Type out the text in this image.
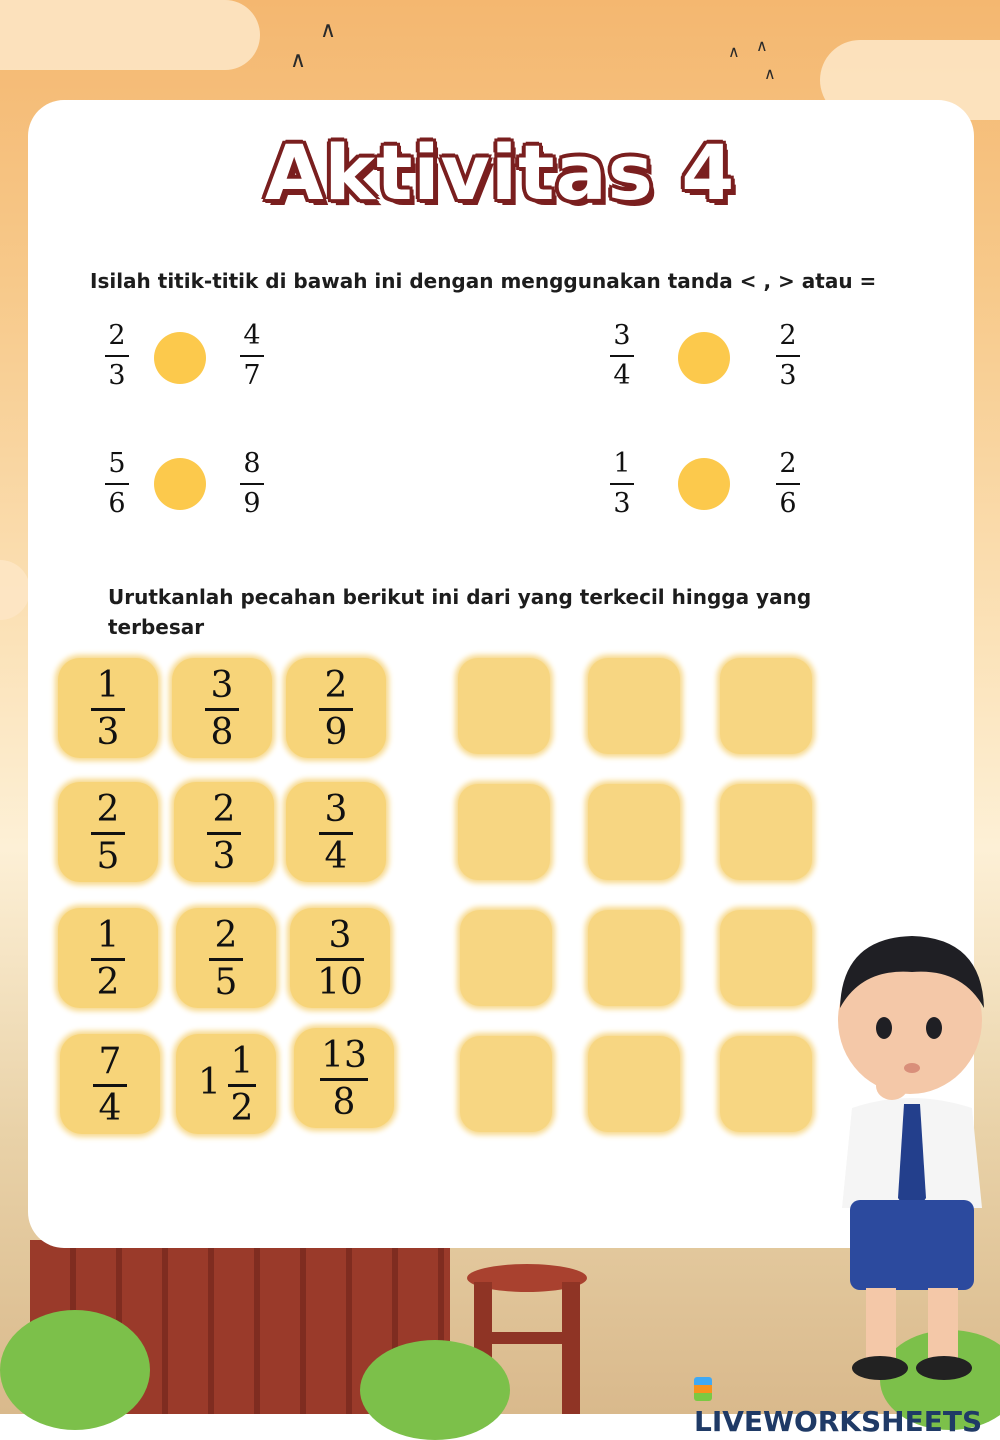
∧
∧	∧ ∧
∧
Aktivitas 4
Isilah titik-titik di bawah ini dengan menggunakan tanda < , > atau =
2
3
4
7
3
4
2
3
5
6
8
9
1
3
2
6
Urutkanlah pecahan berikut ini dari yang terkecil hingga yang
terbesar
1
3
3
8
2
9
2
5
2
3
3
4
1
2
2
5
3
10
7
4
1
1
2
13
8
LIVEWORKSHEETS
